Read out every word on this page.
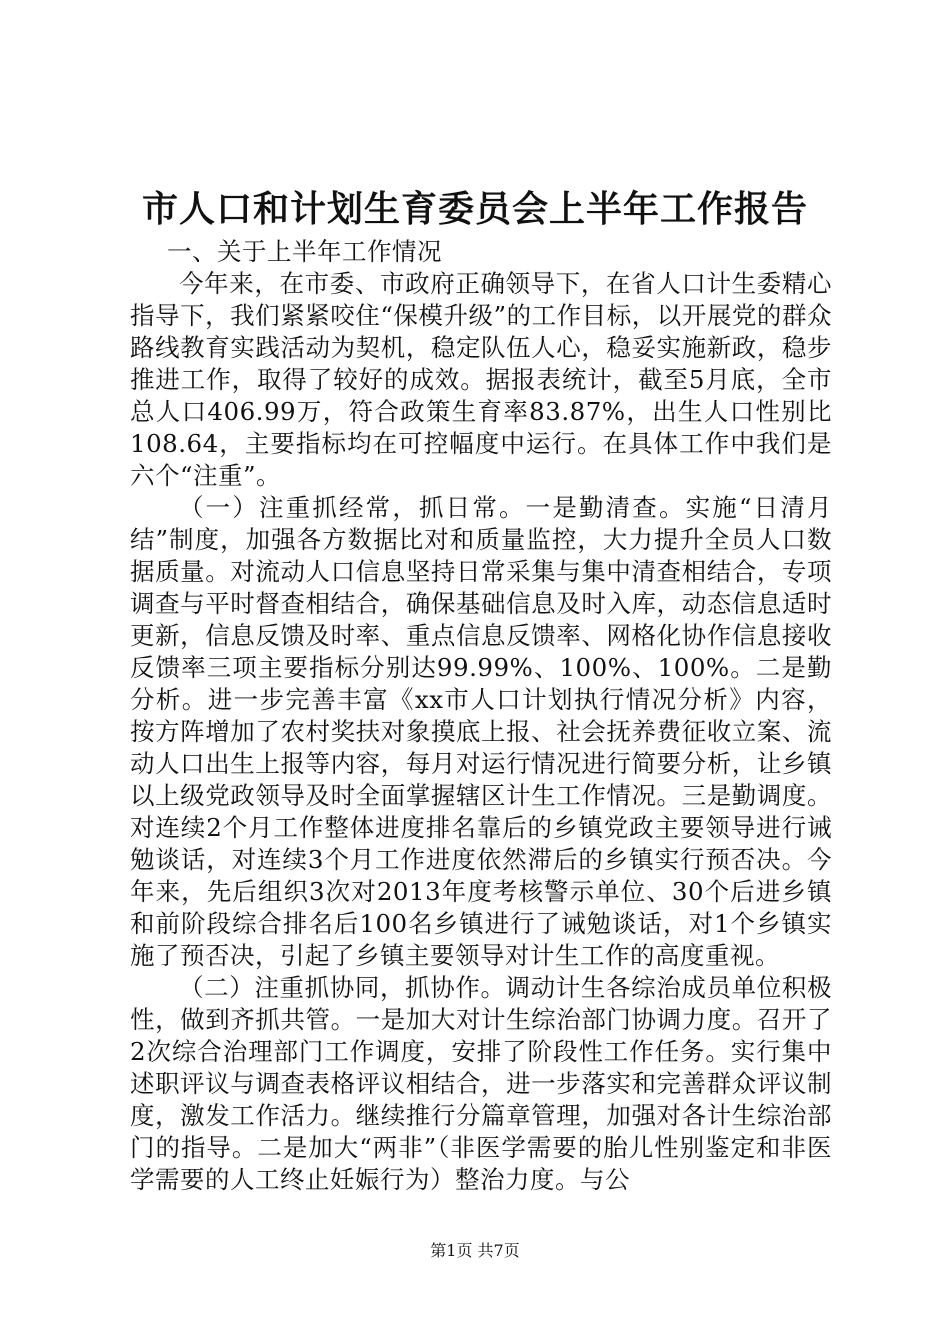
市人口和计划生育委员会上半年工作报告

一、关于上半年工作情况

今年来，在市委、市政府正确领导下，在省人口计生委精心指导下，我们紧紧咬住“保模升级”的工作目标，以开展党的群众路线教育实践活动为契机，稳定队伍人心，稳妥实施新政，稳步推进工作，取得了较好的成效。据报表统计，截至5月底，全市总人口406.99万，符合政策生育率83.87%，出生人口性别比108.64，主要指标均在可控幅度中运行。在具体工作中我们是六个“注重”。

（一）注重抓经常，抓日常。一是勤清查。实施“日清月结”制度，加强各方数据比对和质量监控，大力提升全员人口数据质量。对流动人口信息坚持日常采集与集中清查相结合，专项调查与平时督查相结合，确保基础信息及时入库，动态信息适时更新，信息反馈及时率、重点信息反馈率、网格化协作信息接收反馈率三项主要指标分别达99.99%、100%、100%。二是勤分析。进一步完善丰富《xx市人口计划执行情况分析》内容，按方阵增加了农村奖扶对象摸底上报、社会抚养费征收立案、流动人口出生上报等内容，每月对运行情况进行简要分析，让乡镇以上级党政领导及时全面掌握辖区计生工作情况。三是勤调度。对连续2个月工作整体进度排名靠后的乡镇党政主要领导进行诫勉谈话，对连续3个月工作进度依然滞后的乡镇实行预否决。今年来，先后组织3次对2013年度考核警示单位、30个后进乡镇和前阶段综合排名后100名乡镇进行了诫勉谈话，对1个乡镇实施了预否决，引起了乡镇主要领导对计生工作的高度重视。

（二）注重抓协同，抓协作。调动计生各综治成员单位积极性，做到齐抓共管。一是加大对计生综治部门协调力度。召开了2次综合治理部门工作调度，安排了阶段性工作任务。实行集中述职评议与调查表格评议相结合，进一步落实和完善群众评议制度，激发工作活力。继续推行分篇章管理，加强对各计生综治部门的指导。二是加大“两非”（非医学需要的胎儿性别鉴定和非医学需要的人工终止妊娠行为）整治力度。与公

第1页 共7页
